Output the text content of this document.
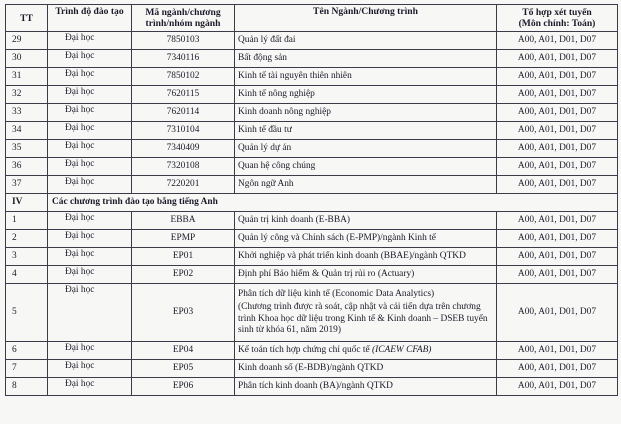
TT	Trình độ đào tạo	Mã ngành/chương trình/nhóm ngành	Tên Ngành/Chương trình	Tổ hợp xét tuyển
(Môn chính: Toán)

29	Đại học	7850103	Quản lý đất đai	A00, A01, D01, D07
30	Đại học	7340116	Bất động sản	A00, A01, D01, D07
31	Đại học	7850102	Kinh tế tài nguyên thiên nhiên	A00, A01, D01, D07
32	Đại học	7620115	Kinh tế nông nghiệp	A00, A01, D01, D07
33	Đại học	7620114	Kinh doanh nông nghiệp	A00, A01, D01, D07
34	Đại học	7310104	Kinh tế đầu tư	A00, A01, D01, D07
35	Đại học	7340409	Quản lý dự án	A00, A01, D01, D07
36	Đại học	7320108	Quan hệ công chúng	A00, A01, D01, D07
37	Đại học	7220201	Ngôn ngữ Anh	A00, A01, D01, D07
IV	Các chương trình đào tạo bằng tiếng Anh			
1	Đại học	EBBA	Quản trị kinh doanh (E-BBA)	A00, A01, D01, D07
2	Đại học	EPMP	Quản lý công và Chính sách (E-PMP)/ngành Kinh tế	A00, A01, D01, D07
3	Đại học	EP01	Khởi nghiệp và phát triển kinh doanh (BBAE)/ngành QTKD	A00, A01, D01, D07
4	Đại học	EP02	Định phí Bảo hiểm & Quản trị rủi ro (Actuary)	A00, A01, D01, D07
5	Đại học	EP03	Phân tích dữ liệu kinh tế (Economic Data Analytics)
(Chương trình được rà soát, cập nhật và cải tiến dựa trên chương trình Khoa học dữ liệu trong Kinh tế & Kinh doanh – DSEB tuyển sinh từ khóa 61, năm 2019)	A00, A01, D01, D07
6	Đại học	EP04	Kế toán tích hợp chứng chỉ quốc tế (ICAEW CFAB)	A00, A01, D01, D07
7	Đại học	EP05	Kinh doanh số (E-BDB)/ngành QTKD	A00, A01, D01, D07
8	Đại học	EP06	Phân tích kinh doanh (BA)/ngành QTKD	A00, A01, D01, D07
